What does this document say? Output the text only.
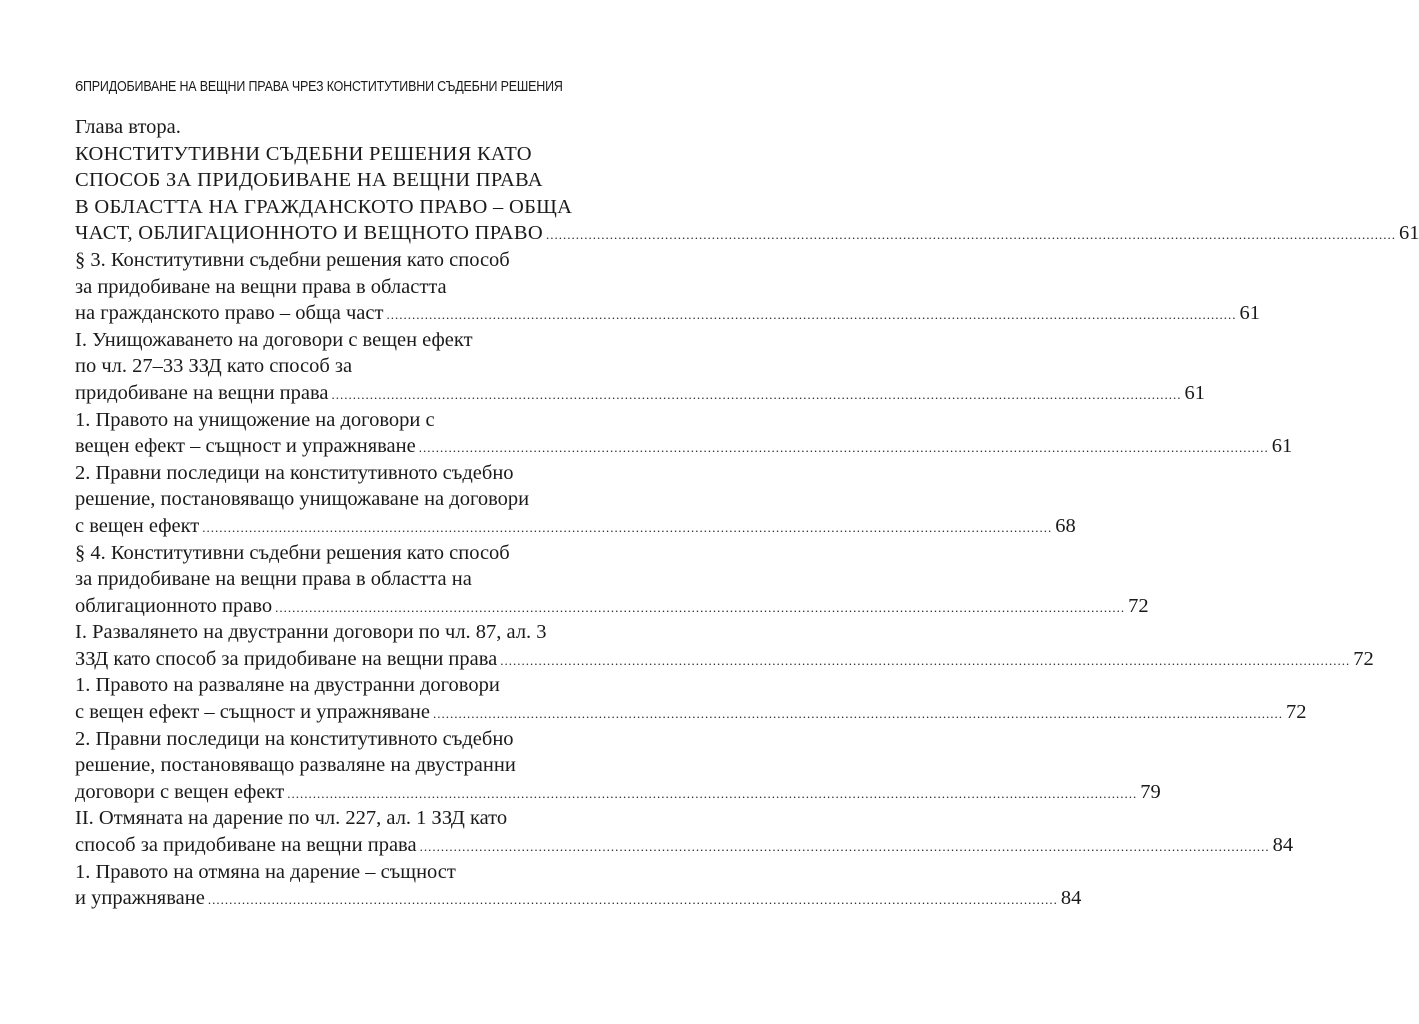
6 ПРИДОБИВАНЕ НА ВЕЩНИ ПРАВА ЧРЕЗ КОНСТИТУТИВНИ СЪДЕБНИ РЕШЕНИЯ
Глава втора.
КОНСТИТУТИВНИ СЪДЕБНИ РЕШЕНИЯ КАТО
СПОСОБ ЗА ПРИДОБИВАНЕ НА ВЕЩНИ ПРАВА
В ОБЛАСТТА НА ГРАЖДАНСКОТО ПРАВО – ОБЩА
ЧАСТ, ОБЛИГАЦИОННОТО И ВЕЩНОТО ПРАВО ........................................................................................................................................................................................................ 61
§ 3. Конститутивни съдебни решения като способ
за придобиване на вещни права в областта
на гражданското право – обща част ........................................................................................................................................................................................................ 61
I. Унищожаването на договори с вещен ефект
по чл. 27–33 ЗЗД като способ за
придобиване на вещни права ........................................................................................................................................................................................................ 61
1. Правото на унищожение на договори с
вещен ефект – същност и упражняване ........................................................................................................................................................................................................ 61
2. Правни последици на конститутивното съдебно
решение, постановяващо унищожаване на договори
с вещен ефект ........................................................................................................................................................................................................ 68
§ 4. Конститутивни съдебни решения като способ
за придобиване на вещни права в областта на
облигационното право ........................................................................................................................................................................................................ 72
I. Развалянето на двустранни договори по чл. 87, ал. 3
ЗЗД като способ за придобиване на вещни права ........................................................................................................................................................................................................ 72
1. Правото на разваляне на двустранни договори
с вещен ефект – същност и упражняване ........................................................................................................................................................................................................ 72
2. Правни последици на конститутивното съдебно
решение, постановяващо разваляне на двустранни
договори с вещен ефект ........................................................................................................................................................................................................ 79
II. Отмяната на дарение по чл. 227, ал. 1 ЗЗД като
способ за придобиване на вещни права ........................................................................................................................................................................................................ 84
1. Правото на отмяна на дарение – същност
и упражняване ........................................................................................................................................................................................................ 84
